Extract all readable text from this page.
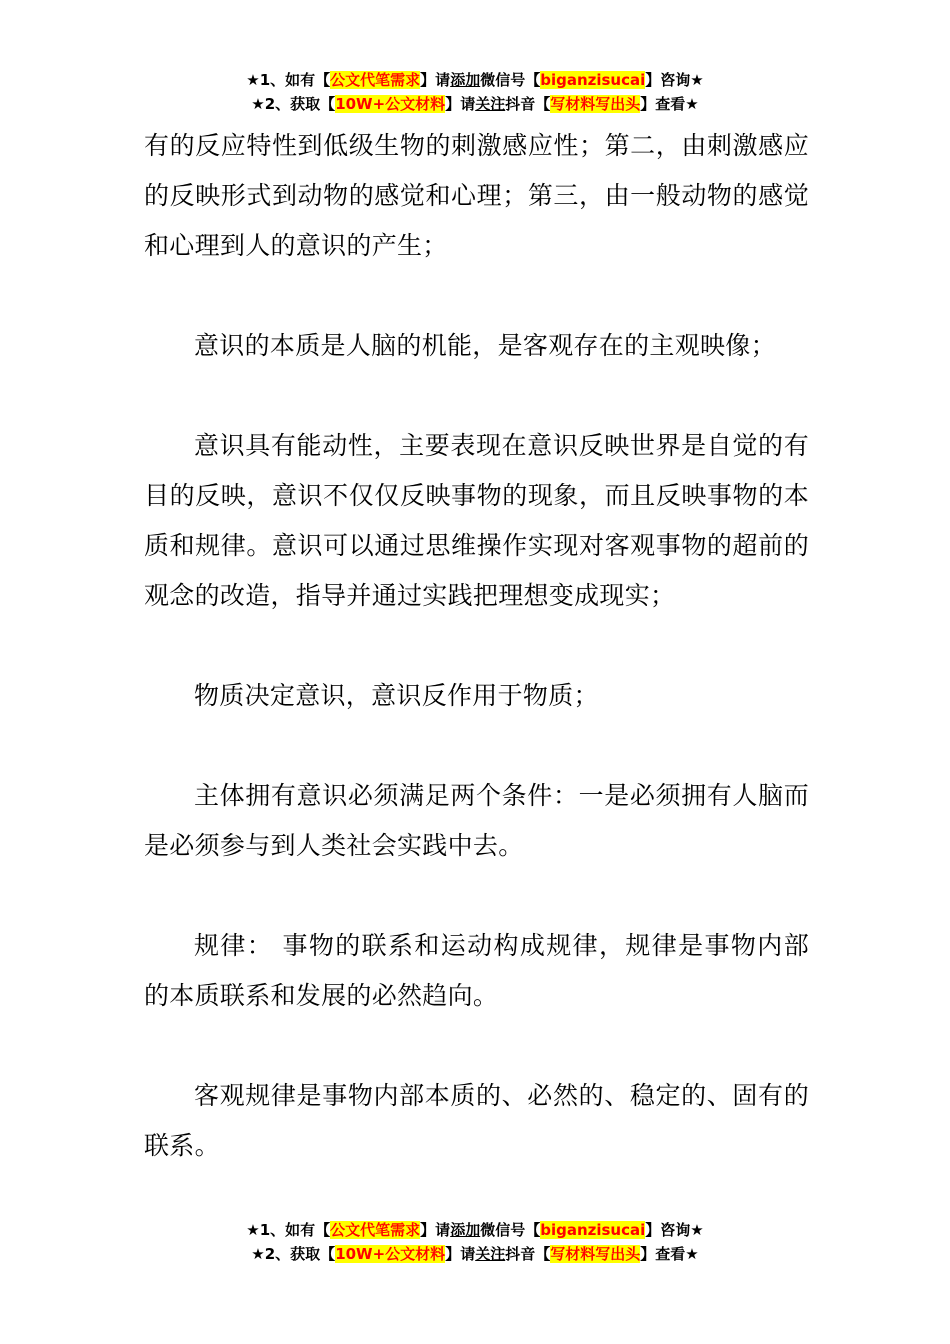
★1、如有【公文代笔需求】请添加微信号【biganzisucai】咨询★
★2、获取【10W+公文材料】请关注抖音【写材料写出头】查看★

有的反应特性到低级生物的刺激感应性；第二，由刺激感应的反映形式到动物的感觉和心理；第三，由一般动物的感觉和心理到人的意识的产生；

意识的本质是人脑的机能，是客观存在的主观映像；

意识具有能动性，主要表现在意识反映世界是自觉的有目的反映，意识不仅仅反映事物的现象，而且反映事物的本质和规律。意识可以通过思维操作实现对客观事物的超前的观念的改造，指导并通过实践把理想变成现实；

物质决定意识，意识反作用于物质；

主体拥有意识必须满足两个条件：一是必须拥有人脑而是必须参与到人类社会实践中去。

规律： 事物的联系和运动构成规律，规律是事物内部的本质联系和发展的必然趋向。

客观规律是事物内部本质的、必然的、稳定的、固有的联系。

★1、如有【公文代笔需求】请添加微信号【biganzisucai】咨询★
★2、获取【10W+公文材料】请关注抖音【写材料写出头】查看★
